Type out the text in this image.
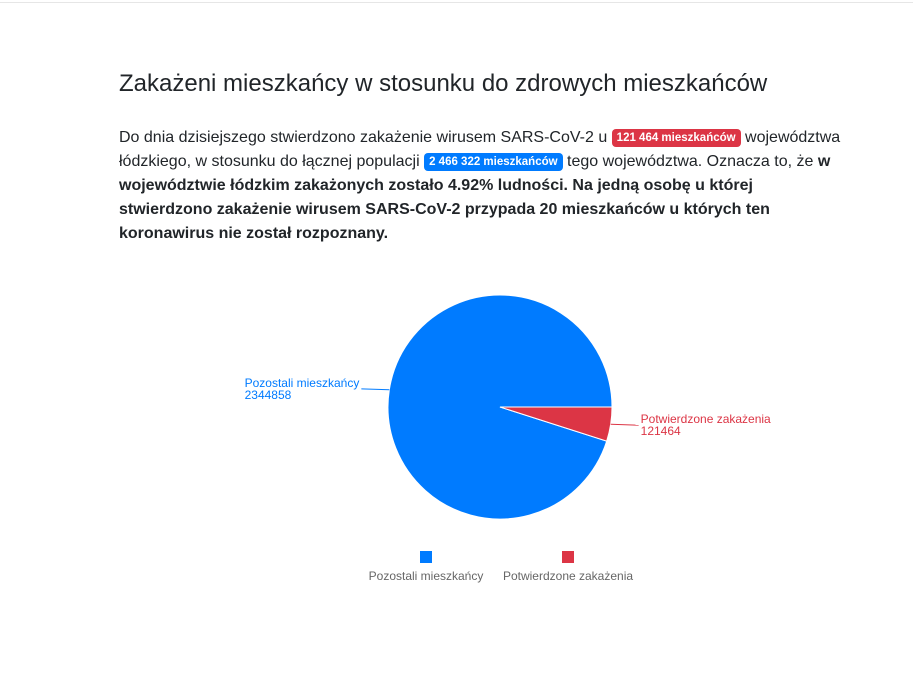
Zakażeni mieszkańcy w stosunku do zdrowych mieszkańców

Do dnia dzisiejszego stwierdzono zakażenie wirusem SARS-CoV-2 u 121 464 mieszkańców województwa łódzkiego, w stosunku do łącznej populacji 2 466 322 mieszkańców tego województwa. Oznacza to, że w województwie łódzkim zakażonych zostało 4.92% ludności. Na jedną osobę u której stwierdzono zakażenie wirusem SARS-CoV-2 przypada 20 mieszkańców u których ten koronawirus nie został rozpoznany.

Pozostali mieszkańcy
2344858
Potwierdzone zakażenia
121464
Pozostali mieszkańcy Potwierdzone zakażenia
